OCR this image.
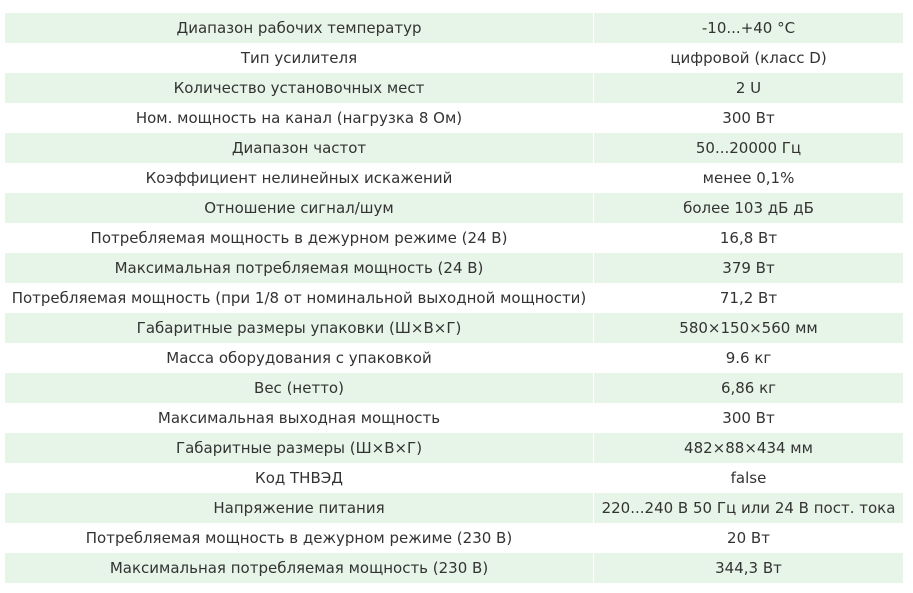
Диапазон рабочих температур	-10...+40 °C
Тип усилителя	цифровой (класс D)
Количество установочных мест	2 U
Ном. мощность на канал (нагрузка 8 Ом)	300 Вт
Диапазон частот	50...20000 Гц
Коэффициент нелинейных искажений	менее 0,1%
Отношение сигнал/шум	более 103 дБ дБ
Потребляемая мощность в дежурном режиме (24 В)	16,8 Вт
Максимальная потребляемая мощность (24 В)	379 Вт
Потребляемая мощность (при 1/8 от номинальной выходной мощности)	71,2 Вт
Габаритные размеры упаковки (Ш×В×Г)	580×150×560 мм
Масса оборудования с упаковкой	9.6 кг
Вес (нетто)	6,86 кг
Максимальная выходная мощность	300 Вт
Габаритные размеры (Ш×В×Г)	482×88×434 мм
Код ТНВЭД	false
Напряжение питания	220...240 В 50 Гц или 24 В пост. тока
Потребляемая мощность в дежурном режиме (230 В)	20 Вт
Максимальная потребляемая мощность (230 В)	344,3 Вт
